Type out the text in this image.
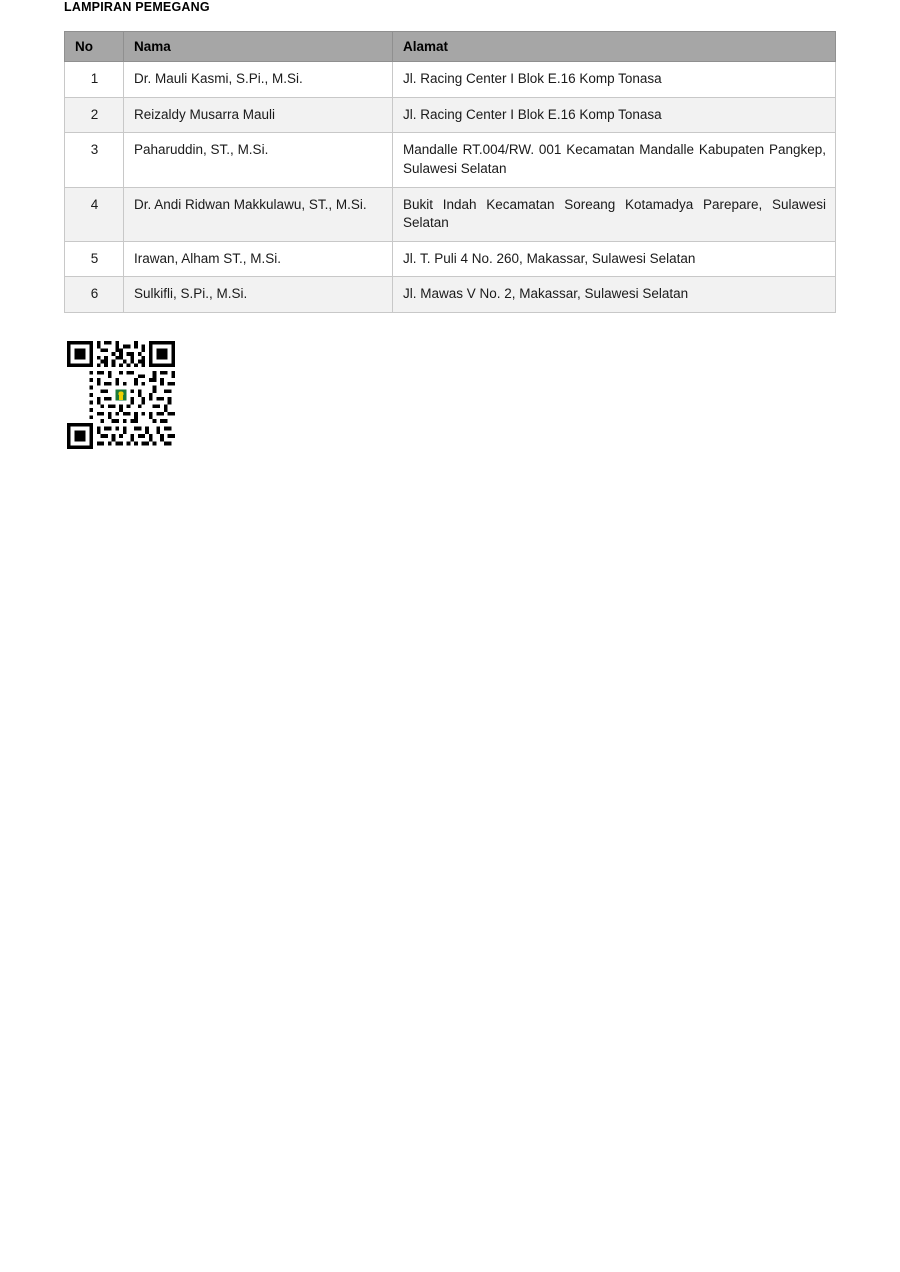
LAMPIRAN PEMEGANG
No	Nama	Alamat
1	Dr. Mauli Kasmi, S.Pi., M.Si.	Jl. Racing Center I Blok E.16 Komp Tonasa
2	Reizaldy Musarra Mauli	Jl. Racing Center I Blok E.16 Komp Tonasa
3	Paharuddin, ST., M.Si.	Mandalle RT.004/RW. 001 Kecamatan Mandalle Kabupaten Pangkep, Sulawesi Selatan
4	Dr. Andi Ridwan Makkulawu, ST., M.Si.	Bukit Indah Kecamatan Soreang Kotamadya Parepare, Sulawesi Selatan
5	Irawan, Alham ST., M.Si.	Jl. T. Puli 4 No. 260, Makassar, Sulawesi Selatan
6	Sulkifli, S.Pi., M.Si.	Jl. Mawas V No. 2, Makassar, Sulawesi Selatan
